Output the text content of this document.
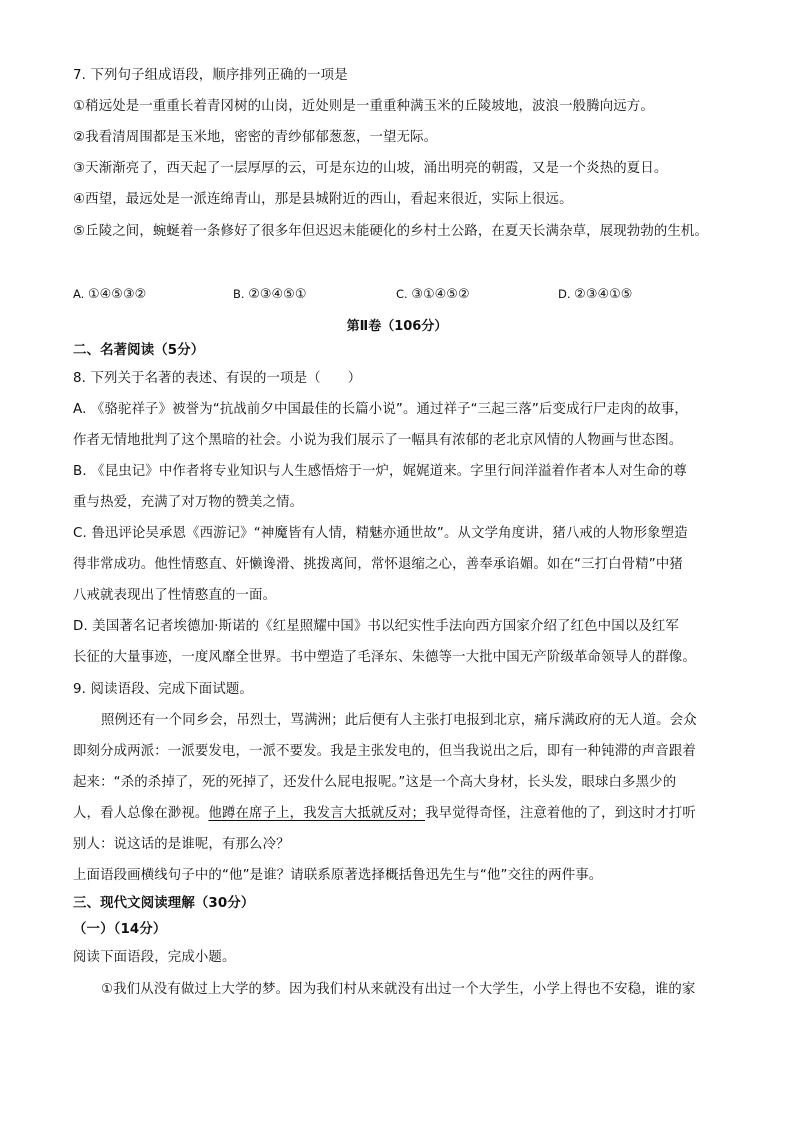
7. 下列句子组成语段，顺序排列正确的一项是
①稍远处是一重重长着青冈树的山岗，近处则是一重重种满玉米的丘陵坡地，波浪一般腾向远方。
②我看清周围都是玉米地，密密的青纱郁郁葱葱，一望无际。
③天渐渐亮了，西天起了一层厚厚的云，可是东边的山坡，涌出明亮的朝霞，又是一个炎热的夏日。
④西望，最远处是一派连绵青山，那是县城附近的西山，看起来很近，实际上很远。
⑤丘陵之间，蜿蜒着一条修好了很多年但迟迟未能硬化的乡村土公路，在夏天长满杂草，展现勃勃的生机。
A. ①④⑤③②	B. ②③④⑤①	C. ③①④⑤②	D. ②③④①⑤
第Ⅱ卷（106分）
二、名著阅读（5分）
8. 下列关于名著的表述、有误的一项是（　　）
A. 《骆驼祥子》被誉为“抗战前夕中国最佳的长篇小说”。通过祥子“三起三落”后变成行尸走肉的故事，
作者无情地批判了这个黑暗的社会。小说为我们展示了一幅具有浓郁的老北京风情的人物画与世态图。
B. 《昆虫记》中作者将专业知识与人生感悟熔于一炉，娓娓道来。字里行间洋溢着作者本人对生命的尊
重与热爱，充满了对万物的赞美之情。
C. 鲁迅评论吴承恩《西游记》“神魔皆有人情，精魅亦通世故”。从文学角度讲，猪八戒的人物形象塑造
得非常成功。他性情憨直、奸懒谗滑、挑拨离间，常怀退缩之心，善奉承谄媚。如在“三打白骨精”中猪
八戒就表现出了性情憨直的一面。
D. 美国著名记者埃德加·斯诺的《红星照耀中国》书以纪实性手法向西方国家介绍了红色中国以及红军
长征的大量事迹，一度风靡全世界。书中塑造了毛泽东、朱德等一大批中国无产阶级革命领导人的群像。
9. 阅读语段、完成下面试题。
照例还有一个同乡会，吊烈士，骂满洲；此后便有人主张打电报到北京，痛斥满政府的无人道。会众
即刻分成两派：一派要发电，一派不要发。我是主张发电的，但当我说出之后，即有一种钝滞的声音跟着
起来：“杀的杀掉了，死的死掉了，还发什么屁电报呢。”这是一个高大身材，长头发，眼球白多黑少的
人，看人总像在渺视。他蹲在席子上，我发言大抵就反对；我早觉得奇怪，注意着他的了，到这时才打听
别人：说这话的是谁呢，有那么冷？
上面语段画横线句子中的“他”是谁？请联系原著选择概括鲁迅先生与“他”交往的两件事。
三、现代文阅读理解（30分）
（一）（14分）
阅读下面语段，完成小题。
①我们从没有做过上大学的梦。因为我们村从来就没有出过一个大学生，小学上得也不安稳，谁的家
